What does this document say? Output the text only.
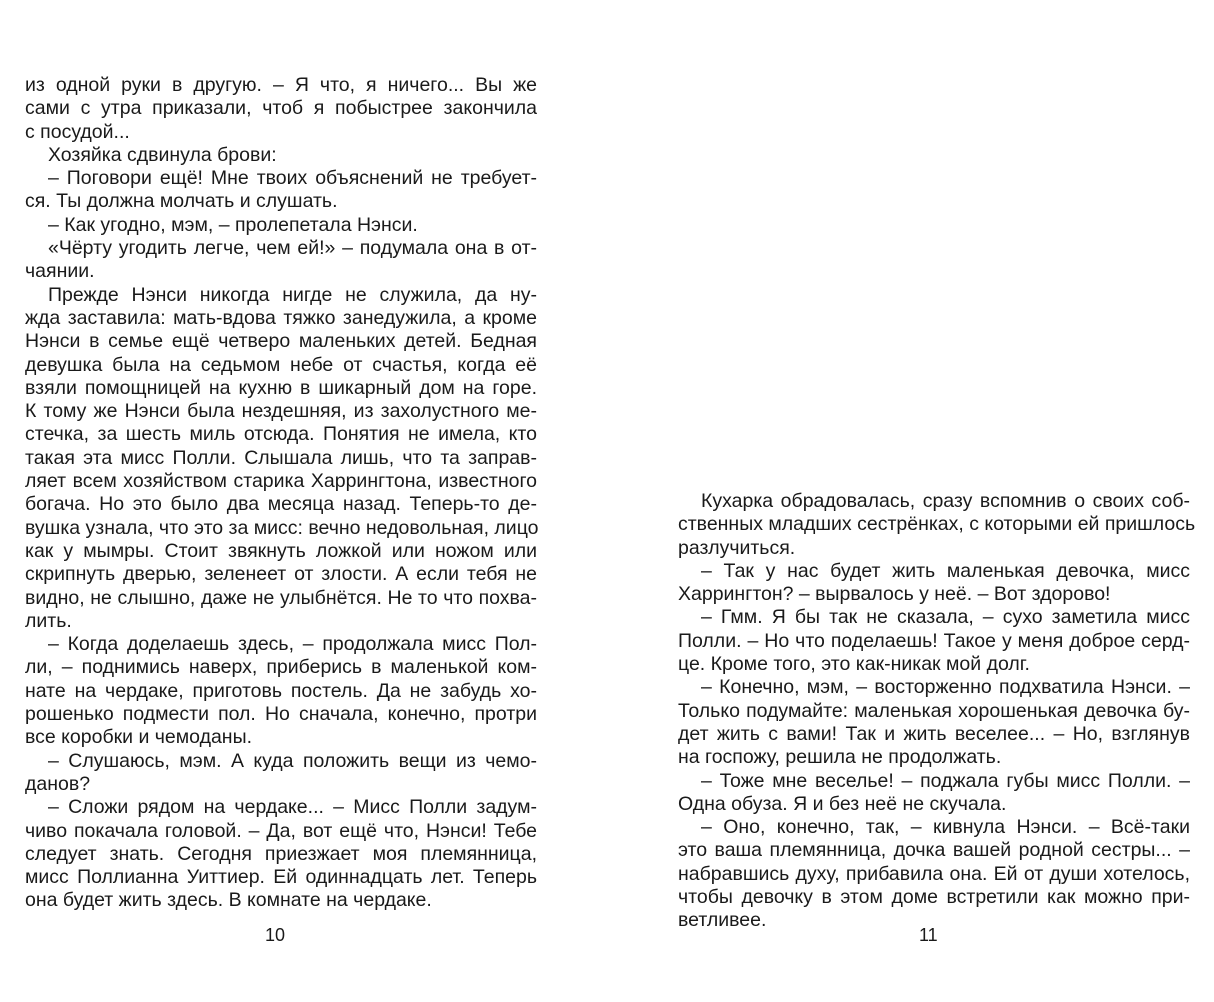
из одной руки в другую. – Я что, я ничего... Вы же
сами с утра приказали, чтоб я побыстрее закончила
с посудой...
Хозяйка сдвинула брови:
– Поговори ещё! Мне твоих объяснений не требует-
ся. Ты должна молчать и слушать.
– Как угодно, мэм, – пролепетала Нэнси.
«Чёрту угодить легче, чем ей!» – подумала она в от-
чаянии.
Прежде Нэнси никогда нигде не служила, да ну-
жда заставила: мать-вдова тяжко занедужила, а кроме
Нэнси в семье ещё четверо маленьких детей. Бедная
девушка была на седьмом небе от счастья, когда её
взяли помощницей на кухню в шикарный дом на горе.
К тому же Нэнси была нездешняя, из захолустного ме-
стечка, за шесть миль отсюда. Понятия не имела, кто
такая эта мисс Полли. Слышала лишь, что та заправ-
ляет всем хозяйством старика Харрингтона, известного
богача. Но это было два месяца назад. Теперь-то де-
вушка узнала, что это за мисс: вечно недовольная, лицо
как у мымры. Стоит звякнуть ложкой или ножом или
скрипнуть дверью, зеленеет от злости. А если тебя не
видно, не слышно, даже не улыбнётся. Не то что похва-
лить.
– Когда доделаешь здесь, – продолжала мисс Пол-
ли, – поднимись наверх, приберись в маленькой ком-
нате на чердаке, приготовь постель. Да не забудь хо-
рошенько подмести пол. Но сначала, конечно, протри
все коробки и чемоданы.
– Слушаюсь, мэм. А куда положить вещи из чемо-
данов?
– Сложи рядом на чердаке... – Мисс Полли задум-
чиво покачала головой. – Да, вот ещё что, Нэнси! Тебе
следует знать. Сегодня приезжает моя племянница,
мисс Поллианна Уиттиер. Ей одиннадцать лет. Теперь
она будет жить здесь. В комнате на чердаке.
10
Кухарка обрадовалась, сразу вспомнив о своих соб-
ственных младших сестрёнках, с которыми ей пришлось
разлучиться.
– Так у нас будет жить маленькая девочка, мисс
Харрингтон? – вырвалось у неё. – Вот здорово!
– Гмм. Я бы так не сказала, – сухо заметила мисс
Полли. – Но что поделаешь! Такое у меня доброе серд-
це. Кроме того, это как-никак мой долг.
– Конечно, мэм, – восторженно подхватила Нэнси. –
Только подумайте: маленькая хорошенькая девочка бу-
дет жить с вами! Так и жить веселее... – Но, взглянув
на госпожу, решила не продолжать.
– Тоже мне веселье! – поджала губы мисс Полли. –
Одна обуза. Я и без неё не скучала.
– Оно, конечно, так, – кивнула Нэнси. – Всё-таки
это ваша племянница, дочка вашей родной сестры... –
набравшись духу, прибавила она. Ей от души хотелось,
чтобы девочку в этом доме встретили как можно при-
ветливее.
11
